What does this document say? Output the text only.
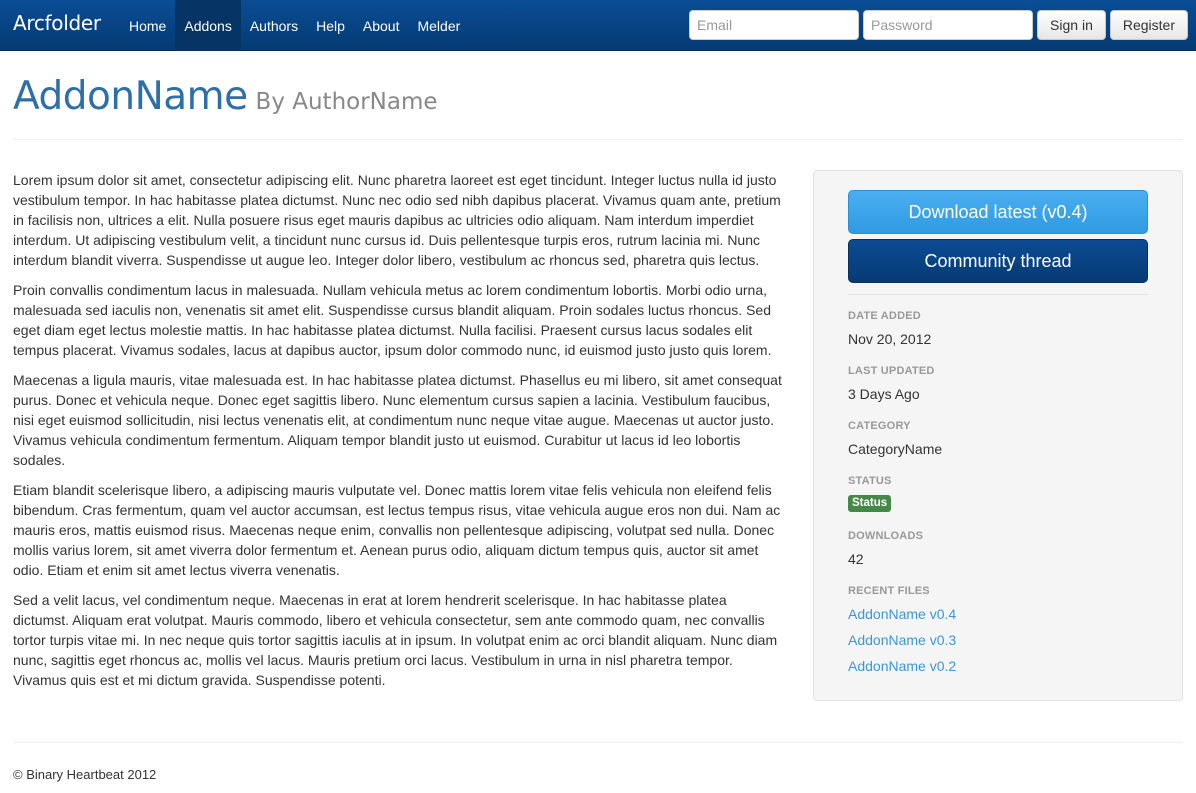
Arcfolder	Home	Addons	Authors	Help	About	Melder
Email	Sign in	Register
AddonName By AuthorName

Lorem ipsum dolor sit amet, consectetur adipiscing elit. Nunc pharetra laoreet est eget tincidunt. Integer luctus nulla id justo vestibulum tempor. In hac habitasse platea dictumst. Nunc nec odio sed nibh dapibus placerat. Vivamus quam ante, pretium in facilisis non, ultrices a elit. Nulla posuere risus eget mauris dapibus ac ultricies odio aliquam. Nam interdum imperdiet interdum. Ut adipiscing vestibulum velit, a tincidunt nunc cursus id. Duis pellentesque turpis eros, rutrum lacinia mi. Nunc interdum blandit viverra. Suspendisse ut augue leo. Integer dolor libero, vestibulum ac rhoncus sed, pharetra quis lectus.

Proin convallis condimentum lacus in malesuada. Nullam vehicula metus ac lorem condimentum lobortis. Morbi odio urna, malesuada sed iaculis non, venenatis sit amet elit. Suspendisse cursus blandit aliquam. Proin sodales luctus rhoncus. Sed eget diam eget lectus molestie mattis. In hac habitasse platea dictumst. Nulla facilisi. Praesent cursus lacus sodales elit tempus placerat. Vivamus sodales, lacus at dapibus auctor, ipsum dolor commodo nunc, id euismod justo justo quis lorem.

Maecenas a ligula mauris, vitae malesuada est. In hac habitasse platea dictumst. Phasellus eu mi libero, sit amet consequat purus. Donec et vehicula neque. Donec eget sagittis libero. Nunc elementum cursus sapien a lacinia. Vestibulum faucibus, nisi eget euismod sollicitudin, nisi lectus venenatis elit, at condimentum nunc neque vitae augue. Maecenas ut auctor justo. Vivamus vehicula condimentum fermentum. Aliquam tempor blandit justo ut euismod. Curabitur ut lacus id leo lobortis sodales.

Etiam blandit scelerisque libero, a adipiscing mauris vulputate vel. Donec mattis lorem vitae felis vehicula non eleifend felis bibendum. Cras fermentum, quam vel auctor accumsan, est lectus tempus risus, vitae vehicula augue eros non dui. Nam ac mauris eros, mattis euismod risus. Maecenas neque enim, convallis non pellentesque adipiscing, volutpat sed nulla. Donec mollis varius lorem, sit amet viverra dolor fermentum et. Aenean purus odio, aliquam dictum tempus quis, auctor sit amet odio. Etiam et enim sit amet lectus viverra venenatis.

Sed a velit lacus, vel condimentum neque. Maecenas in erat at lorem hendrerit scelerisque. In hac habitasse platea dictumst. Aliquam erat volutpat. Mauris commodo, libero et vehicula consectetur, sem ante commodo quam, nec convallis tortor turpis vitae mi. In nec neque quis tortor sagittis iaculis at in ipsum. In volutpat enim ac orci blandit aliquam. Nunc diam nunc, sagittis eget rhoncus ac, mollis vel lacus. Mauris pretium orci lacus. Vestibulum in urna in nisl pharetra tempor. Vivamus quis est et mi dictum gravida. Suspendisse potenti.

Download latest (v0.4)
Community thread
DATE ADDED
Nov 20, 2012
LAST UPDATED
3 Days Ago
CATEGORY
CategoryName
STATUS
Status
DOWNLOADS
42
RECENT FILES
AddonName v0.4
AddonName v0.3
AddonName v0.2
© Binary Heartbeat 2012
